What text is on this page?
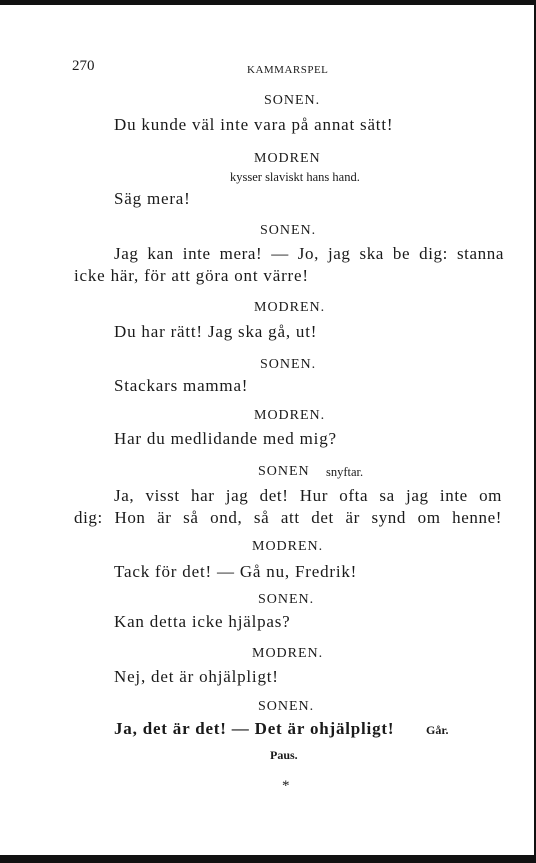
270	KAMMARSPEL
SONEN.
Du kunde väl inte vara på annat sätt!
MODREN
kysser slaviskt hans hand.
Säg mera!
SONEN.
Jag kan inte mera! — Jo, jag ska be dig: stanna
icke här, för att göra ont värre!
MODREN.
Du har rätt! Jag ska gå, ut!
SONEN.
Stackars mamma!
MODREN.
Har du medlidande med mig?
SONEN snyftar.
Ja, visst har jag det! Hur ofta sa jag inte om
dig: Hon är så ond, så att det är synd om henne!
MODREN.
Tack för det! — Gå nu, Fredrik!
SONEN.
Kan detta icke hjälpas?
MODREN.
Nej, det är ohjälpligt!
SONEN.
Ja, det är det! — Det är ohjälpligt!	Går.
Paus.
*
